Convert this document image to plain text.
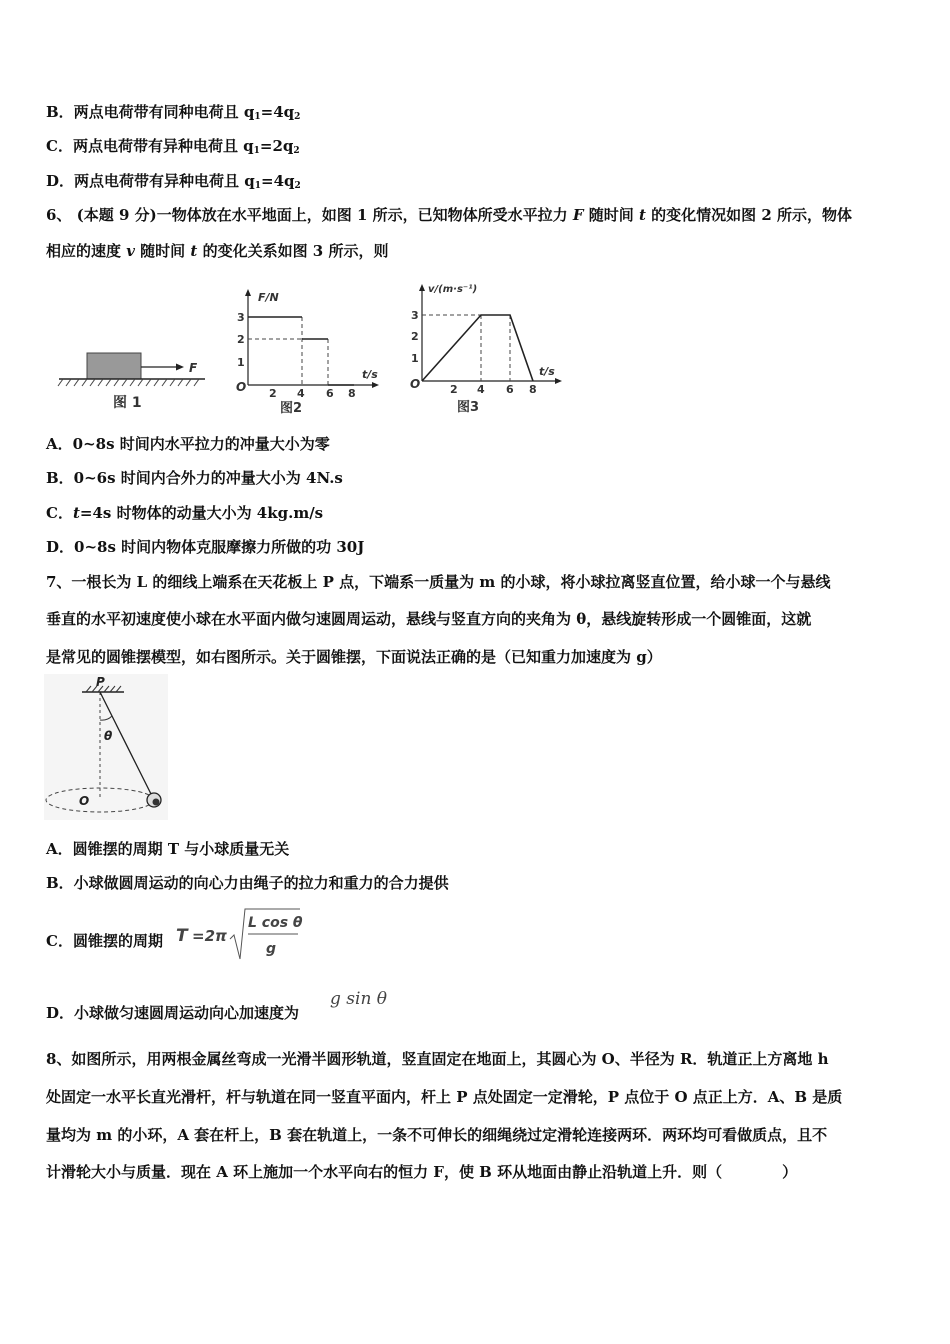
B．两点电荷带有同种电荷且 $q_1=4q_2$
C．两点电荷带有异种电荷且 $q_1=2q_2$
D．两点电荷带有异种电荷且 $q_1=4q_2$
6、 (本题 9 分)一物体放在水平地面上，如图 1 所示，已知物体所受水平拉力 F 随时间 t 的变化情况如图 2 所示，物体
相应的速度 v 随时间 t 的变化关系如图 3 所示，则
F
图 1
F/N
t/s
O
1
2
3
2 4 6 8
图2
v/(m·s⁻¹)
t/s
O
1
2
3
2 4 6 8
图3
A．0~8s 时间内水平拉力的冲量大小为零
B．0~6s 时间内合外力的冲量大小为 4N.s
C．t=4s 时物体的动量大小为 4kg.m/s
D．0~8s 时间内物体克服摩擦力所做的功 30J
7、一根长为 L 的细线上端系在天花板上 P 点，下端系一质量为 m 的小球，将小球拉离竖直位置，给小球一个与悬线
垂直的水平初速度使小球在水平面内做匀速圆周运动，悬线与竖直方向的夹角为 θ，悬线旋转形成一个圆锥面，这就
是常见的圆锥摆模型，如右图所示。关于圆锥摆，下面说法正确的是（已知重力加速度为 g）
P
θ
O
A．圆锥摆的周期 T 与小球质量无关
B．小球做圆周运动的向心力由绳子的拉力和重力的合力提供
C．圆锥摆的周期 T =2π
L cos θ
g
D．小球做匀速圆周运动向心加速度为
g sin θ
8、如图所示，用两根金属丝弯成一光滑半圆形轨道，竖直固定在地面上，其圆心为 O、半径为 R．轨道正上方离地 h
处固定一水平长直光滑杆，杆与轨道在同一竖直平面内，杆上 P 点处固定一定滑轮，P 点位于 O 点正上方．A、B 是质
量均为 m 的小环，A 套在杆上，B 套在轨道上，一条不可伸长的细绳绕过定滑轮连接两环．两环均可看做质点，且不
计滑轮大小与质量．现在 A 环上施加一个水平向右的恒力 F，使 B 环从地面由静止沿轨道上升．则（　　　　）
